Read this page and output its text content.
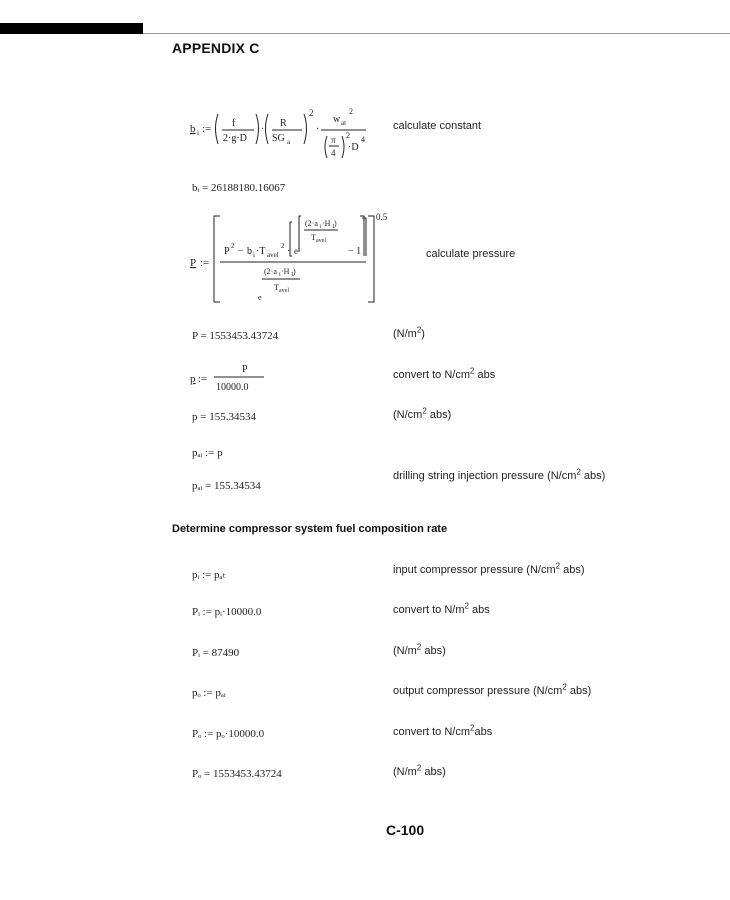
APPENDIX C
b i := f
2·g·D
·
R
SG a
2
·
w at
2
π
4
2
·D
4
calculate constant
bᵢ = 26188180.16067
P :=
0.5
P 2 − b i ·T avel
2 · e
(2·a i ·H 1 )
T avel
− 1
(2·a i ·H 1 )
T avel
e
calculate pressure
P = 1553453.43724	$(N/m^2)$
p :=
P
10000.0
convert to $N/cm^2$ abs
p = 155.34534	($N/cm^2$ abs)
pₐᵢ := p
pₐᵢ = 155.34534
drilling string injection pressure ($N/cm^2$ abs)
Determine compressor system fuel composition rate
pᵢ := pₐₜ	input compressor pressure ($N/cm^2$ abs)
Pᵢ := pᵢ·10000.0	convert to $N/m^2$ abs
Pᵢ = 87490	($N/m^2$ abs)
pₒ := pₐᵢ	output compressor pressure ($N/cm^2$ abs)
Pₒ := pₒ·10000.0	convert to $N/cm^2abs$
Pₒ = 1553453.43724	($N/m^2$ abs)
C-100
